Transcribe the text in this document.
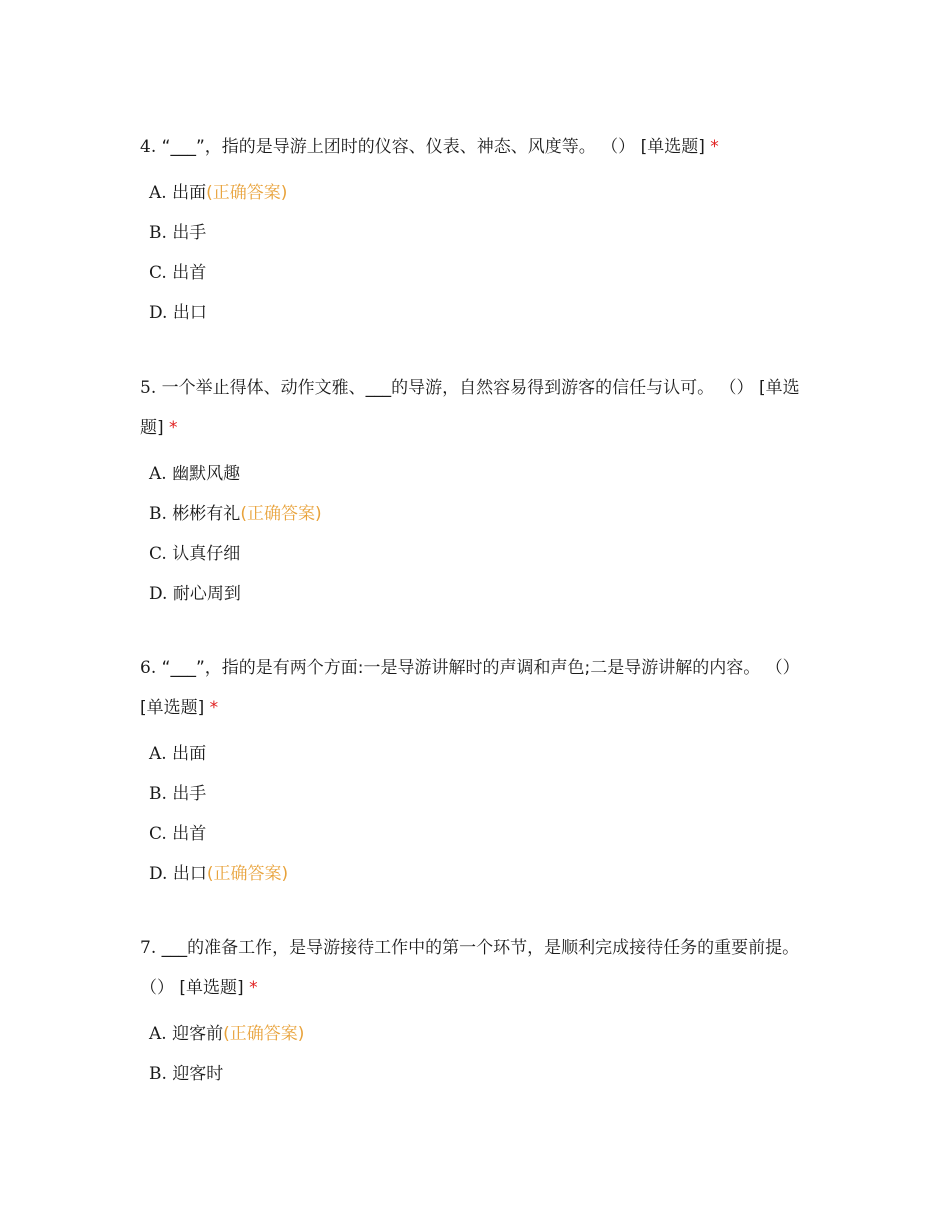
4. “___”，指的是导游上团时的仪容、仪表、神态、风度等。 （） [单选题] *

A. 出面(正确答案)
B. 出手
C. 出首
D. 出口

5. 一个举止得体、动作文雅、___的导游，自然容易得到游客的信任与认可。 （） [单选题] *

A. 幽默风趣
B. 彬彬有礼(正确答案)
C. 认真仔细
D. 耐心周到

6. “___”，指的是有两个方面:一是导游讲解时的声调和声色;二是导游讲解的内容。 （） [单选题] *

A. 出面
B. 出手
C. 出首
D. 出口(正确答案)

7. ___的准备工作，是导游接待工作中的第一个环节，是顺利完成接待任务的重要前提。 （） [单选题] *

A. 迎客前(正确答案)
B. 迎客时
